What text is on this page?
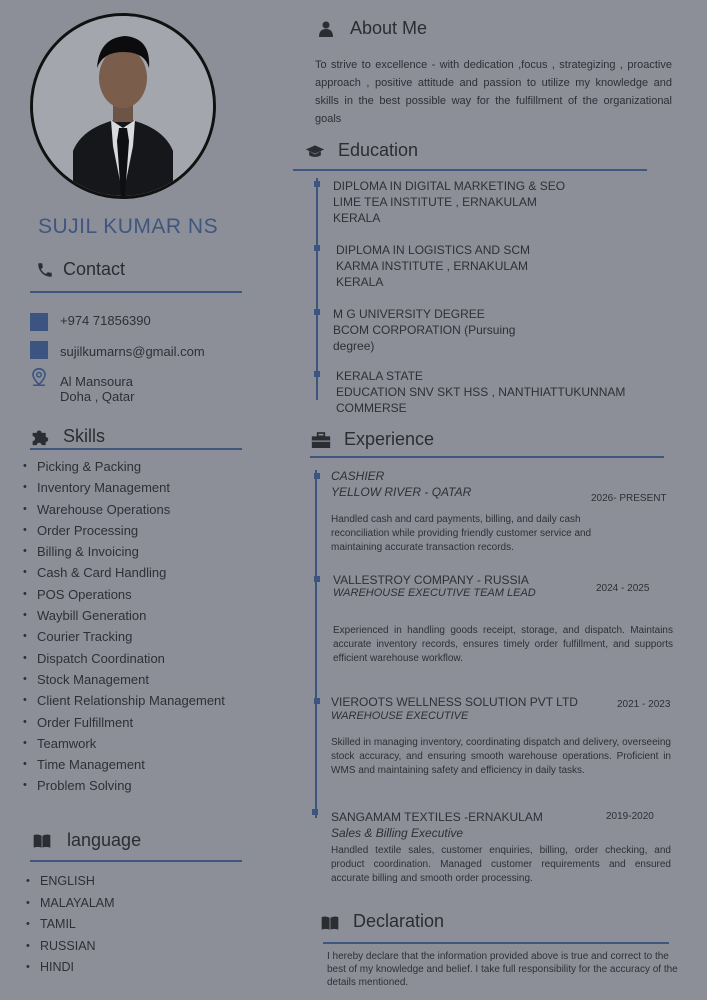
SUJIL KUMAR NS
Contact
+974 71856390
sujilkumarns@gmail.com
Al Mansoura
Doha , Qatar
Skills
• Picking & Packing
• Inventory Management
• Warehouse Operations
• Order Processing
• Billing & Invoicing
• Cash & Card Handling
• POS Operations
• Waybill Generation
• Courier Tracking
• Dispatch Coordination
• Stock Management
• Client Relationship Management
• Order Fulfillment
• Teamwork
• Time Management
• Problem Solving
language
• ENGLISH
• MALAYALAM
• TAMIL
• RUSSIAN
• HINDI
About Me
To strive to excellence - with dedication ,focus , strategizing , proactive approach , positive attitude and passion to utilize my knowledge and skills in the best possible way for the fulfillment of the organizational goals
Education
DIPLOMA IN DIGITAL MARKETING & SEO
LIME TEA INSTITUTE , ERNAKULAM
KERALA
DIPLOMA IN LOGISTICS AND SCM
KARMA INSTITUTE , ERNAKULAM
KERALA
M G UNIVERSITY DEGREE
BCOM CORPORATION (Pursuing
degree)
KERALA STATE
EDUCATION SNV SKT HSS , NANTHIATTUKUNNAM
COMMERSE
Experience
CASHIER
YELLOW RIVER - QATAR	2026- PRESENT
Handled cash and card payments, billing, and daily cash reconciliation while providing friendly customer service and maintaining accurate transaction records.
VALLESTROY COMPANY - RUSSIA
WAREHOUSE EXECUTIVE TEAM LEAD	2024 - 2025
Experienced in handling goods receipt, storage, and dispatch. Maintains accurate inventory records, ensures timely order fulfillment, and supports efficient warehouse workflow.
VIEROOTS WELLNESS SOLUTION PVT LTD
WAREHOUSE EXECUTIVE
2021 - 2023
Skilled in managing inventory, coordinating dispatch and delivery, overseeing stock accuracy, and ensuring smooth warehouse operations. Proficient in WMS and maintaining safety and efficiency in daily tasks.
SANGAMAM TEXTILES -ERNAKULAM
Sales & Billing Executive
2019-2020
Handled textile sales, customer enquiries, billing, order checking, and product coordination. Managed customer requirements and ensured accurate billing and smooth order processing.
Declaration
I hereby declare that the information provided above is true and correct to the best of my knowledge and belief. I take full responsibility for the accuracy of the details mentioned.
